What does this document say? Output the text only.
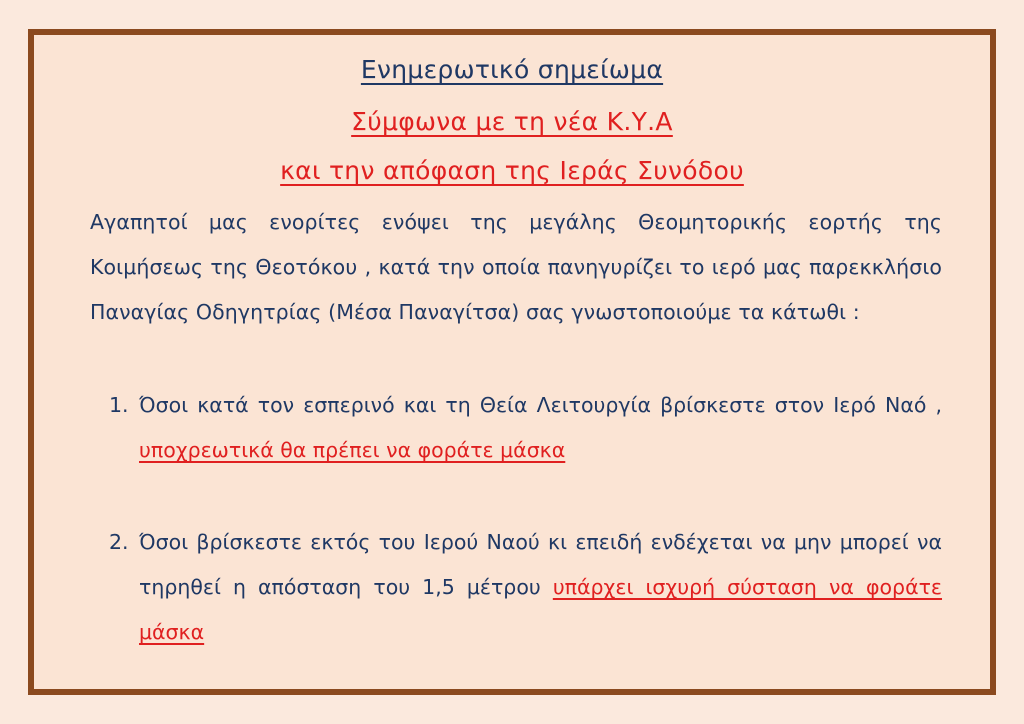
Ενημερωτικό σημείωμα
Σύμφωνα με τη νέα Κ.Υ.Α
και την απόφαση της Ιεράς Συνόδου
Αγαπητοί μας ενορίτες ενόψει της μεγάλης Θεομητορικής εορτής της Κοιμήσεως της Θεοτόκου , κατά την οποία πανηγυρίζει το ιερό μας παρεκκλήσιο Παναγίας Οδηγητρίας (Μέσα Παναγίτσα) σας γνωστοποιούμε τα κάτωθι :
1. Όσοι κατά τον εσπερινό και τη Θεία Λειτουργία βρίσκεστε στον Ιερό Ναό , υποχρεωτικά θα πρέπει να φοράτε μάσκα
2. Όσοι βρίσκεστε εκτός του Ιερού Ναού κι επειδή ενδέχεται να μην μπορεί να τηρηθεί η απόσταση του 1,5 μέτρου υπάρχει ισχυρή σύσταση να φοράτε μάσκα
